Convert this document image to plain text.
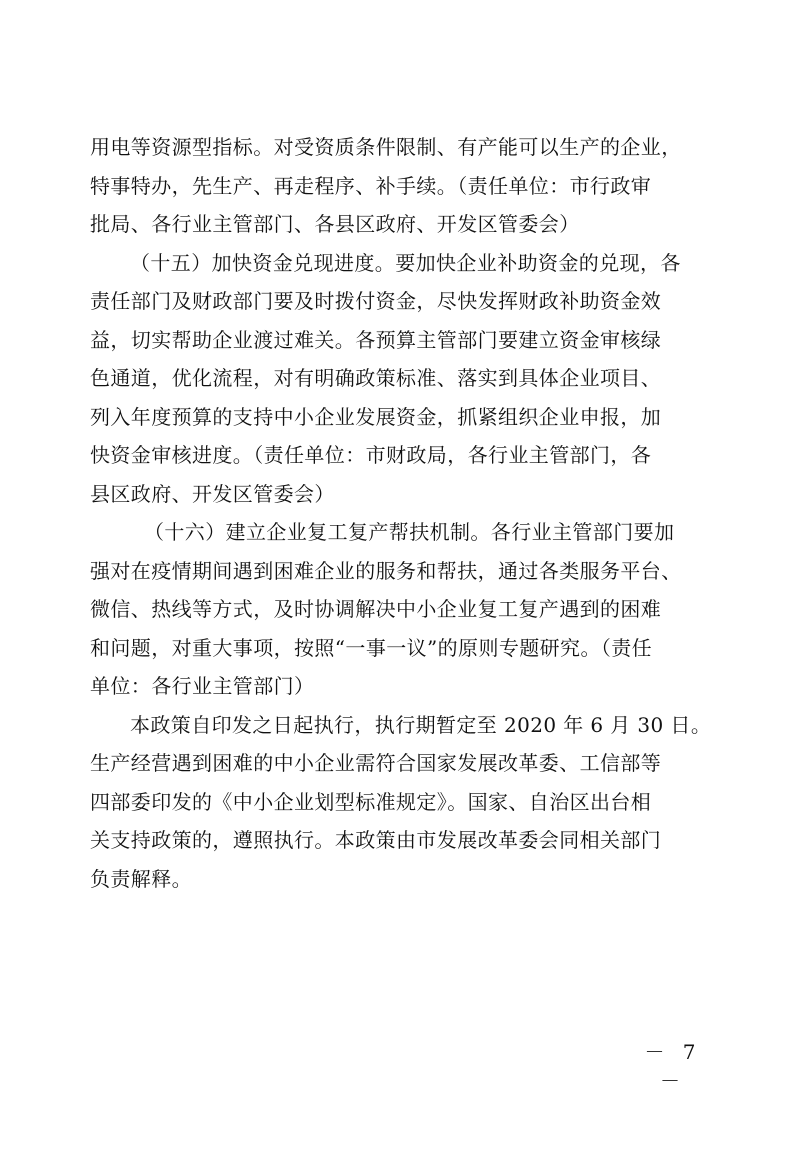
用电等资源型指标。对受资质条件限制、有产能可以生产的企业，
特事特办，先生产、再走程序、补手续。（责任单位：市行政审
批局、各行业主管部门、各县区政府、开发区管委会）
（十五）加快资金兑现进度。要加快企业补助资金的兑现，各
责任部门及财政部门要及时拨付资金，尽快发挥财政补助资金效
益，切实帮助企业渡过难关。各预算主管部门要建立资金审核绿
色通道，优化流程，对有明确政策标准、落实到具体企业项目、
列入年度预算的支持中小企业发展资金，抓紧组织企业申报，加
快资金审核进度。（责任单位：市财政局，各行业主管部门，各
县区政府、开发区管委会）
（十六）建立企业复工复产帮扶机制。各行业主管部门要加
强对在疫情期间遇到困难企业的服务和帮扶，通过各类服务平台、
微信、热线等方式，及时协调解决中小企业复工复产遇到的困难
和问题，对重大事项，按照“一事一议”的原则专题研究。（责任
单位：各行业主管部门）
本政策自印发之日起执行，执行期暂定至 2020 年 6 月 30 日。
生产经营遇到困难的中小企业需符合国家发展改革委、工信部等
四部委印发的《中小企业划型标准规定》。国家、自治区出台相
关支持政策的，遵照执行。本政策由市发展改革委会同相关部门
负责解释。
－ 7 －
